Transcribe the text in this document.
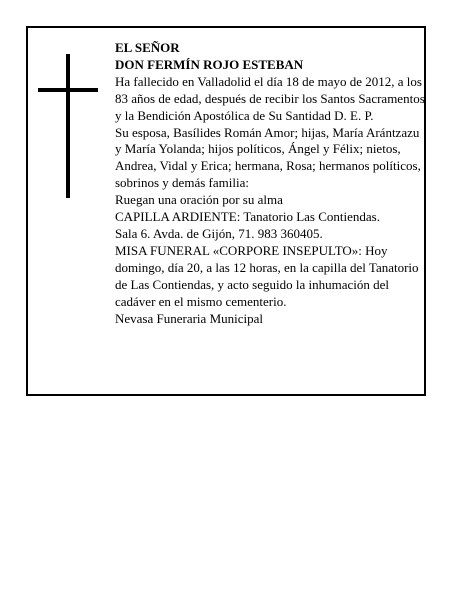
EL SEÑOR

DON FERMÍN ROJO ESTEBAN

Ha fallecido en Valladolid el día 18 de mayo de 2012, a los 83 años de edad, después de recibir los Santos Sacramentos y la Bendición Apostólica de Su Santidad D. E. P.

Su esposa, Basílides Román Amor; hijas, María Arántzazu y María Yolanda; hijos políticos, Ángel y Félix; nietos, Andrea, Vidal y Erica; hermana, Rosa; hermanos políticos, sobrinos y demás familia:

Ruegan una oración por su alma

CAPILLA ARDIENTE: Tanatorio Las Contiendas.

Sala 6. Avda. de Gijón, 71. 983 360405.

MISA FUNERAL «CORPORE INSEPULTO»: Hoy domingo, día 20, a las 12 horas, en la capilla del Tanatorio de Las Contiendas, y acto seguido la inhumación del cadáver en el mismo cementerio.

Nevasa Funeraria Municipal
